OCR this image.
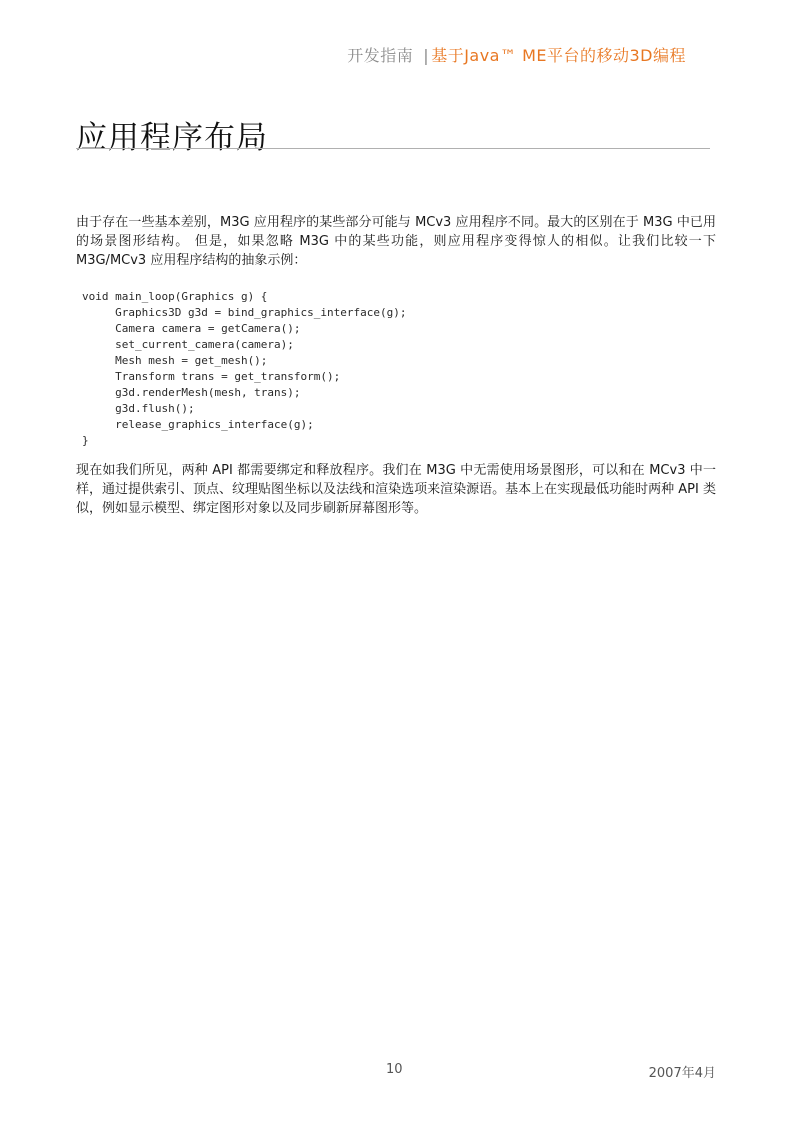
开发指南 | 基于Java™ ME平台的移动3D编程
应用程序布局

由于存在一些基本差别，M3G 应用程序的某些部分可能与 MCv3 应用程序不同。最大的区别在于 M3G 中已用的场景图形结构。 但是，如果忽略 M3G 中的某些功能，则应用程序变得惊人的相似。让我们比较一下 M3G/MCv3 应用程序结构的抽象示例：

void main_loop(Graphics g) {
Graphics3D g3d = bind_graphics_interface(g);
Camera camera = getCamera();
set_current_camera(camera);
Mesh mesh = get_mesh();
Transform trans = get_transform();
g3d.renderMesh(mesh, trans);
g3d.flush();
release_graphics_interface(g);
}

现在如我们所见，两种 API 都需要绑定和释放程序。我们在 M3G 中无需使用场景图形，可以和在 MCv3 中一样，通过提供索引、顶点、纹理贴图坐标以及法线和渲染选项来渲染源语。基本上在实现最低功能时两种 API 类似，例如显示模型、绑定图形对象以及同步刷新屏幕图形等。

10	2007年4月
